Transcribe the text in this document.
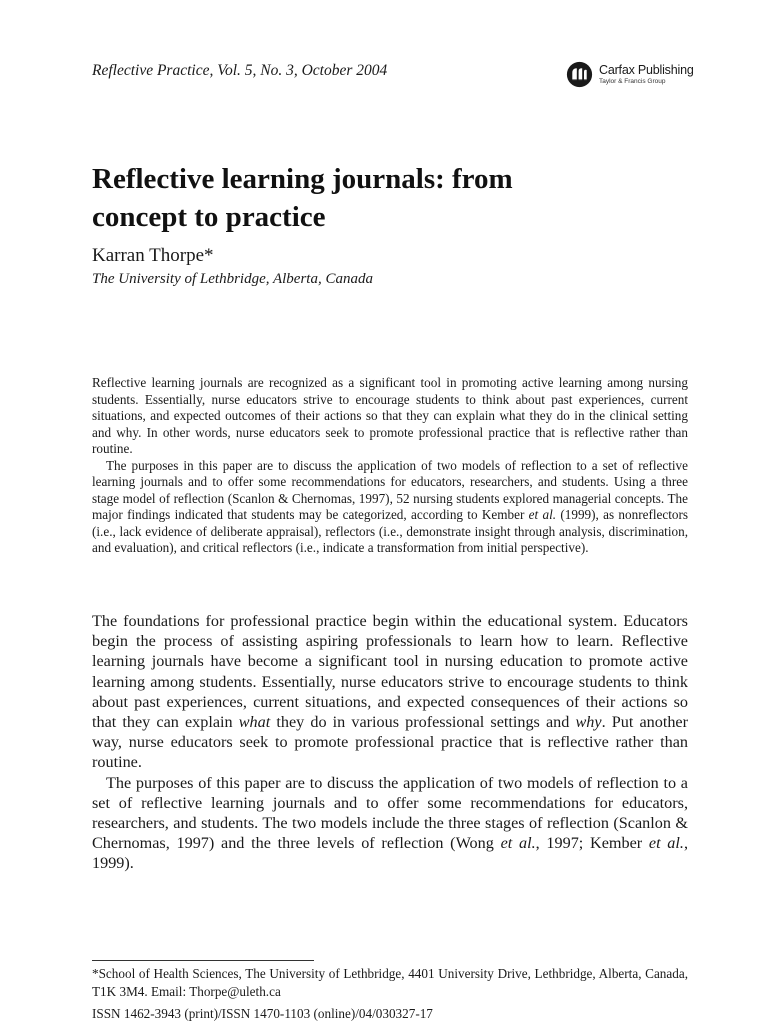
Reflective Practice, Vol. 5, No. 3, October 2004	Carfax Publishing
Taylor & Francis Group
Reflective learning journals: from
concept to practice
Karran Thorpe*
The University of Lethbridge, Alberta, Canada

Reflective learning journals are recognized as a significant tool in promoting active learning among nursing students. Essentially, nurse educators strive to encourage students to think about past experiences, current situations, and expected outcomes of their actions so that they can explain what they do in the clinical setting and why. In other words, nurse educators seek to promote professional practice that is reflective rather than routine.

The purposes in this paper are to discuss the application of two models of reflection to a set of reflective learning journals and to offer some recommendations for educators, researchers, and students. Using a three stage model of reflection (Scanlon & Chernomas, 1997), 52 nursing students explored managerial concepts. The major findings indicated that students may be categorized, according to Kember et al. (1999), as nonreflectors (i.e., lack evidence of deliberate appraisal), reflectors (i.e., demonstrate insight through analysis, discrimination, and evaluation), and critical reflectors (i.e., indicate a transformation from initial perspective).

The foundations for professional practice begin within the educational system. Educators begin the process of assisting aspiring professionals to learn how to learn. Reflective learning journals have become a significant tool in nursing education to promote active learning among students. Essentially, nurse educators strive to encourage students to think about past experiences, current situations, and expected consequences of their actions so that they can explain what they do in various professional settings and why. Put another way, nurse educators seek to promote professional practice that is reflective rather than routine.

The purposes of this paper are to discuss the application of two models of reflection to a set of reflective learning journals and to offer some recommendations for educators, researchers, and students. The two models include the three stages of reflection (Scanlon & Chernomas, 1997) and the three levels of reflection (Wong et al., 1997; Kember et al., 1999).

*School of Health Sciences, The University of Lethbridge, 4401 University Drive, Lethbridge, Alberta, Canada, T1K 3M4. Email: Thorpe@uleth.ca
ISSN 1462-3943 (print)/ISSN 1470-1103 (online)/04/030327-17
